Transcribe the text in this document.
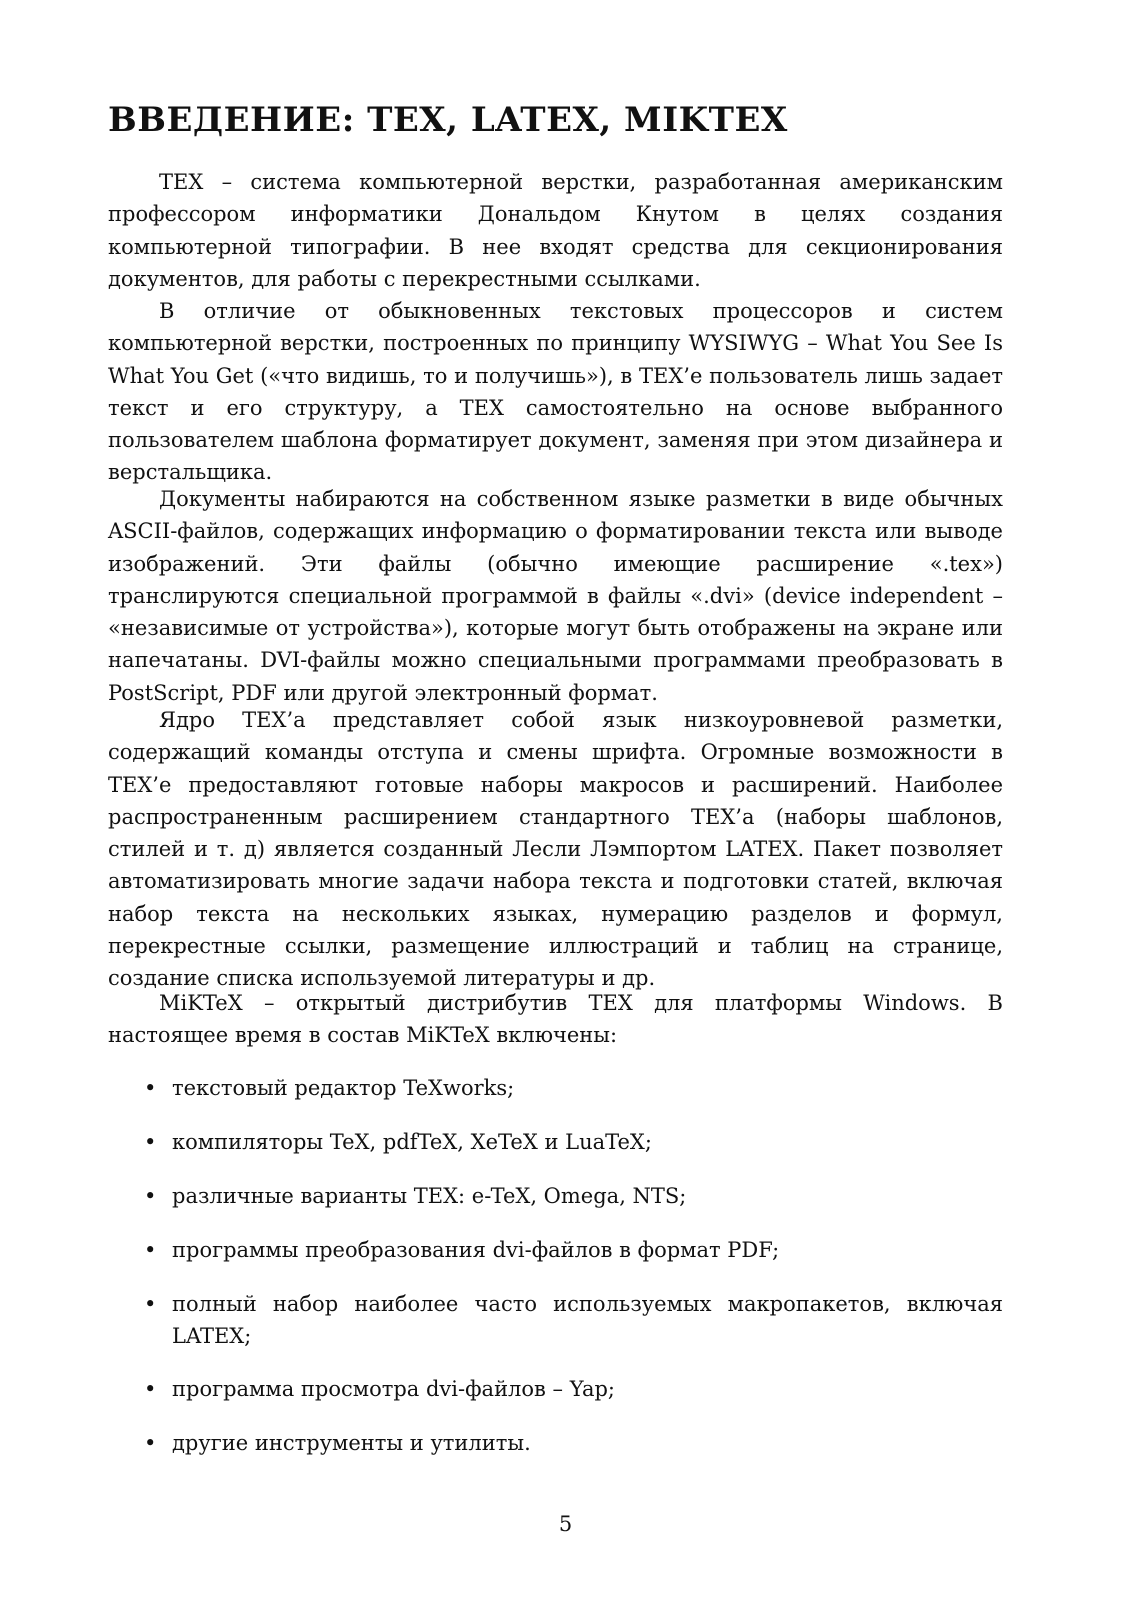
ВВЕДЕНИЕ: TEX, LATEX, MIKTEX

TEX – система компьютерной верстки, разработанная американским профессором информатики Дональдом Кнутом в целях создания компьютерной типографии. В нее входят средства для секционирования документов, для работы с перекрестными ссылками.

В отличие от обыкновенных текстовых процессоров и систем компьютерной верстки, построенных по принципу WYSIWYG – What You See Is What You Get («что видишь, то и получишь»), в TEX’е пользователь лишь задает текст и его структуру, а TEX самостоятельно на основе выбранного пользователем шаблона форматирует документ, заменяя при этом дизайнера и верстальщика.

Документы набираются на собственном языке разметки в виде обычных ASCII-файлов, содержащих информацию о форматировании текста или выводе изображений. Эти файлы (обычно имеющие расширение «.tex») транслируются специальной программой в файлы «.dvi» (device independent – «независимые от устройства»), которые могут быть отображены на экране или напечатаны. DVI-файлы можно специальными программами преобразовать в PostScript, PDF или другой электронный формат.

Ядро TEX’а представляет собой язык низкоуровневой разметки, содержащий команды отступа и смены шрифта. Огромные возможности в TEX’е предоставляют готовые наборы макросов и расширений. Наиболее распространенным расширением стандартного TEX’а (наборы шаблонов, стилей и т. д) является созданный Лесли Лэмпортом LATEX. Пакет позволяет автоматизировать многие задачи набора текста и подготовки статей, включая набор текста на нескольких языках, нумерацию разделов и формул, перекрестные ссылки, размещение иллюстраций и таблиц на странице, создание списка используемой литературы и др.

MiKTeX – открытый дистрибутив TEX для платформы Windows. В настоящее время в состав MiKTeX включены:

• текстовый редактор TeXworks;
• компиляторы TeX, pdfTeX, XeTeX и LuaTeX;
• различные варианты TEX: e-TeX, Omega, NTS;
• программы преобразования dvi-файлов в формат PDF;
• полный набор наиболее часто используемых макропакетов, включая LATEX;
• программа просмотра dvi-файлов – Yap;
• другие инструменты и утилиты.
5
